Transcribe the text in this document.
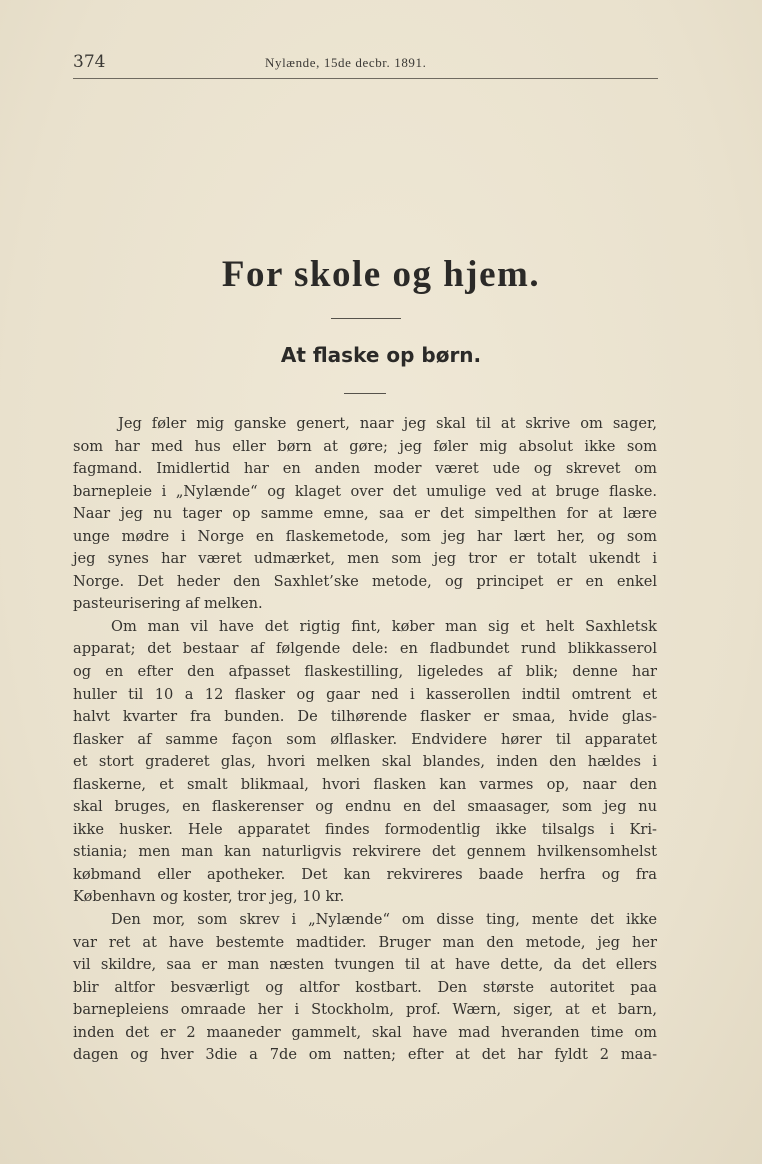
374	Nylænde, 15de decbr. 1891.
For skole og hjem.
At flaske op børn.
Jeg føler mig ganske genert, naar jeg skal til at skrive om sager,
som har med hus eller børn at gøre; jeg føler mig absolut ikke som
fagmand. Imidlertid har en anden moder været ude og skrevet om
barnepleie i „Nylænde“ og klaget over det umulige ved at bruge flaske.
Naar jeg nu tager op samme emne, saa er det simpelthen for at lære
unge mødre i Norge en flaskemetode, som jeg har lært her, og som
jeg synes har været udmærket, men som jeg tror er totalt ukendt i
Norge. Det heder den Saxhlet’ske metode, og principet er en enkel
pasteurisering af melken.
Om man vil have det rigtig fint, køber man sig et helt Saxhletsk
apparat; det bestaar af følgende dele: en fladbundet rund blikkasserol
og en efter den afpasset flaskestilling, ligeledes af blik; denne har
huller til 10 a 12 flasker og gaar ned i kasserollen indtil omtrent et
halvt kvarter fra bunden. De tilhørende flasker er smaa, hvide glas-
flasker af samme façon som ølflasker. Endvidere hører til apparatet
et stort graderet glas, hvori melken skal blandes, inden den hældes i
flaskerne, et smalt blikmaal, hvori flasken kan varmes op, naar den
skal bruges, en flaskerenser og endnu en del smaasager, som jeg nu
ikke husker. Hele apparatet findes formodentlig ikke tilsalgs i Kri-
stiania; men man kan naturligvis rekvirere det gennem hvilkensomhelst
købmand eller apotheker. Det kan rekvireres baade herfra og fra
København og koster, tror jeg, 10 kr.
Den mor, som skrev i „Nylænde“ om disse ting, mente det ikke
var ret at have bestemte madtider. Bruger man den metode, jeg her
vil skildre, saa er man næsten tvungen til at have dette, da det ellers
blir altfor besværligt og altfor kostbart. Den største autoritet paa
barnepleiens omraade her i Stockholm, prof. Wærn, siger, at et barn,
inden det er 2 maaneder gammelt, skal have mad hveranden time om
dagen og hver 3die a 7de om natten; efter at det har fyldt 2 maa-
